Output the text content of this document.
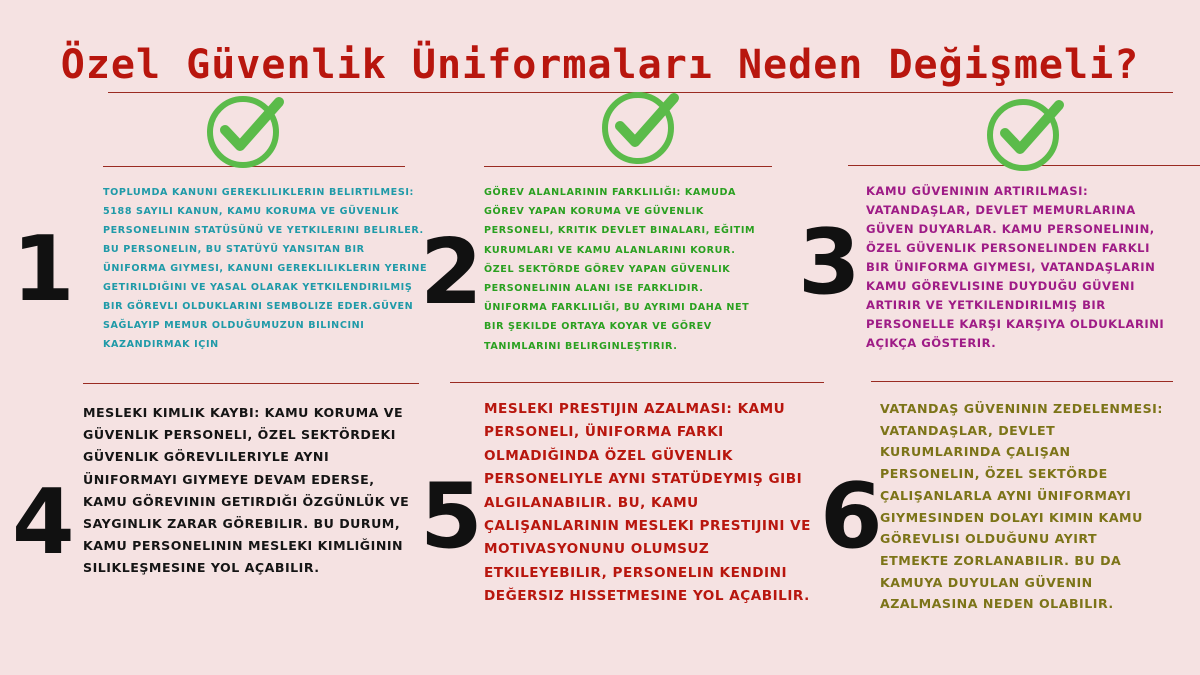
Özel Güvenlik Üniformaları Neden Değişmeli?
1	2	3
4	5	6

TOPLUMDA KANUNI GEREKLILIKLERIN BELIRTILMESI: 5188 SAYILI KANUN, KAMU KORUMA VE GÜVENLIK PERSONELININ STATÜSÜNÜ VE YETKILERINI BELIRLER. BU PERSONELIN, BU STATÜYÜ YANSITAN BIR ÜNIFORMA GIYMESI, KANUNI GEREKLILIKLERIN YERINE GETIRILDIĞINI VE YASAL OLARAK YETKILENDIRILMIŞ BIR GÖREVLI OLDUKLARINI SEMBOLIZE EDER.GÜVEN SAĞLAYIP MEMUR OLDUĞUMUZUN BILINCINI KAZANDIRMAK IÇIN

GÖREV ALANLARININ FARKLILIĞI: KAMUDA GÖREV YAPAN KORUMA VE GÜVENLIK PERSONELI, KRITIK DEVLET BINALARI, EĞITIM KURUMLARI VE KAMU ALANLARINI KORUR. ÖZEL SEKTÖRDE GÖREV YAPAN GÜVENLIK PERSONELININ ALANI ISE FARKLIDIR. ÜNIFORMA FARKLILIĞI, BU AYRIMI DAHA NET BIR ŞEKILDE ORTAYA KOYAR VE GÖREV TANIMLARINI BELIRGINLEŞTIRIR.

KAMU GÜVENININ ARTIRILMASI: VATANDAŞLAR, DEVLET MEMURLARINA GÜVEN DUYARLAR. KAMU PERSONELININ, ÖZEL GÜVENLIK PERSONELINDEN FARKLI BIR ÜNIFORMA GIYMESI, VATANDAŞLARIN KAMU GÖREVLISINE DUYDUĞU GÜVENI ARTIRIR VE YETKILENDIRILMIŞ BIR PERSONELLE KARŞI KARŞIYA OLDUKLARINI AÇIKÇA GÖSTERIR.

MESLEKI KIMLIK KAYBI: KAMU KORUMA VE GÜVENLIK PERSONELI, ÖZEL SEKTÖRDEKI GÜVENLIK GÖREVLILERIYLE AYNI ÜNIFORMAYI GIYMEYE DEVAM EDERSE, KAMU GÖREVININ GETIRDIĞI ÖZGÜNLÜK VE SAYGINLIK ZARAR GÖREBILIR. BU DURUM, KAMU PERSONELININ MESLEKI KIMLIĞININ SILIKLEŞMESINE YOL AÇABILIR.

MESLEKI PRESTIJIN AZALMASI: KAMU PERSONELI, ÜNIFORMA FARKI OLMADIĞINDA ÖZEL GÜVENLIK PERSONELIYLE AYNI STATÜDEYMIŞ GIBI ALGILANABILIR. BU, KAMU ÇALIŞANLARININ MESLEKI PRESTIJINI VE MOTIVASYONUNU OLUMSUZ ETKILEYEBILIR, PERSONELIN KENDINI DEĞERSIZ HISSETMESINE YOL AÇABILIR.

VATANDAŞ GÜVENININ ZEDELENMESI: VATANDAŞLAR, DEVLET KURUMLARINDA ÇALIŞAN PERSONELIN, ÖZEL SEKTÖRDE ÇALIŞANLARLA AYNI ÜNIFORMAYI GIYMESINDEN DOLAYI KIMIN KAMU GÖREVLISI OLDUĞUNU AYIRT ETMEKTE ZORLANABILIR. BU DA KAMUYA DUYULAN GÜVENIN AZALMASINA NEDEN OLABILIR.
